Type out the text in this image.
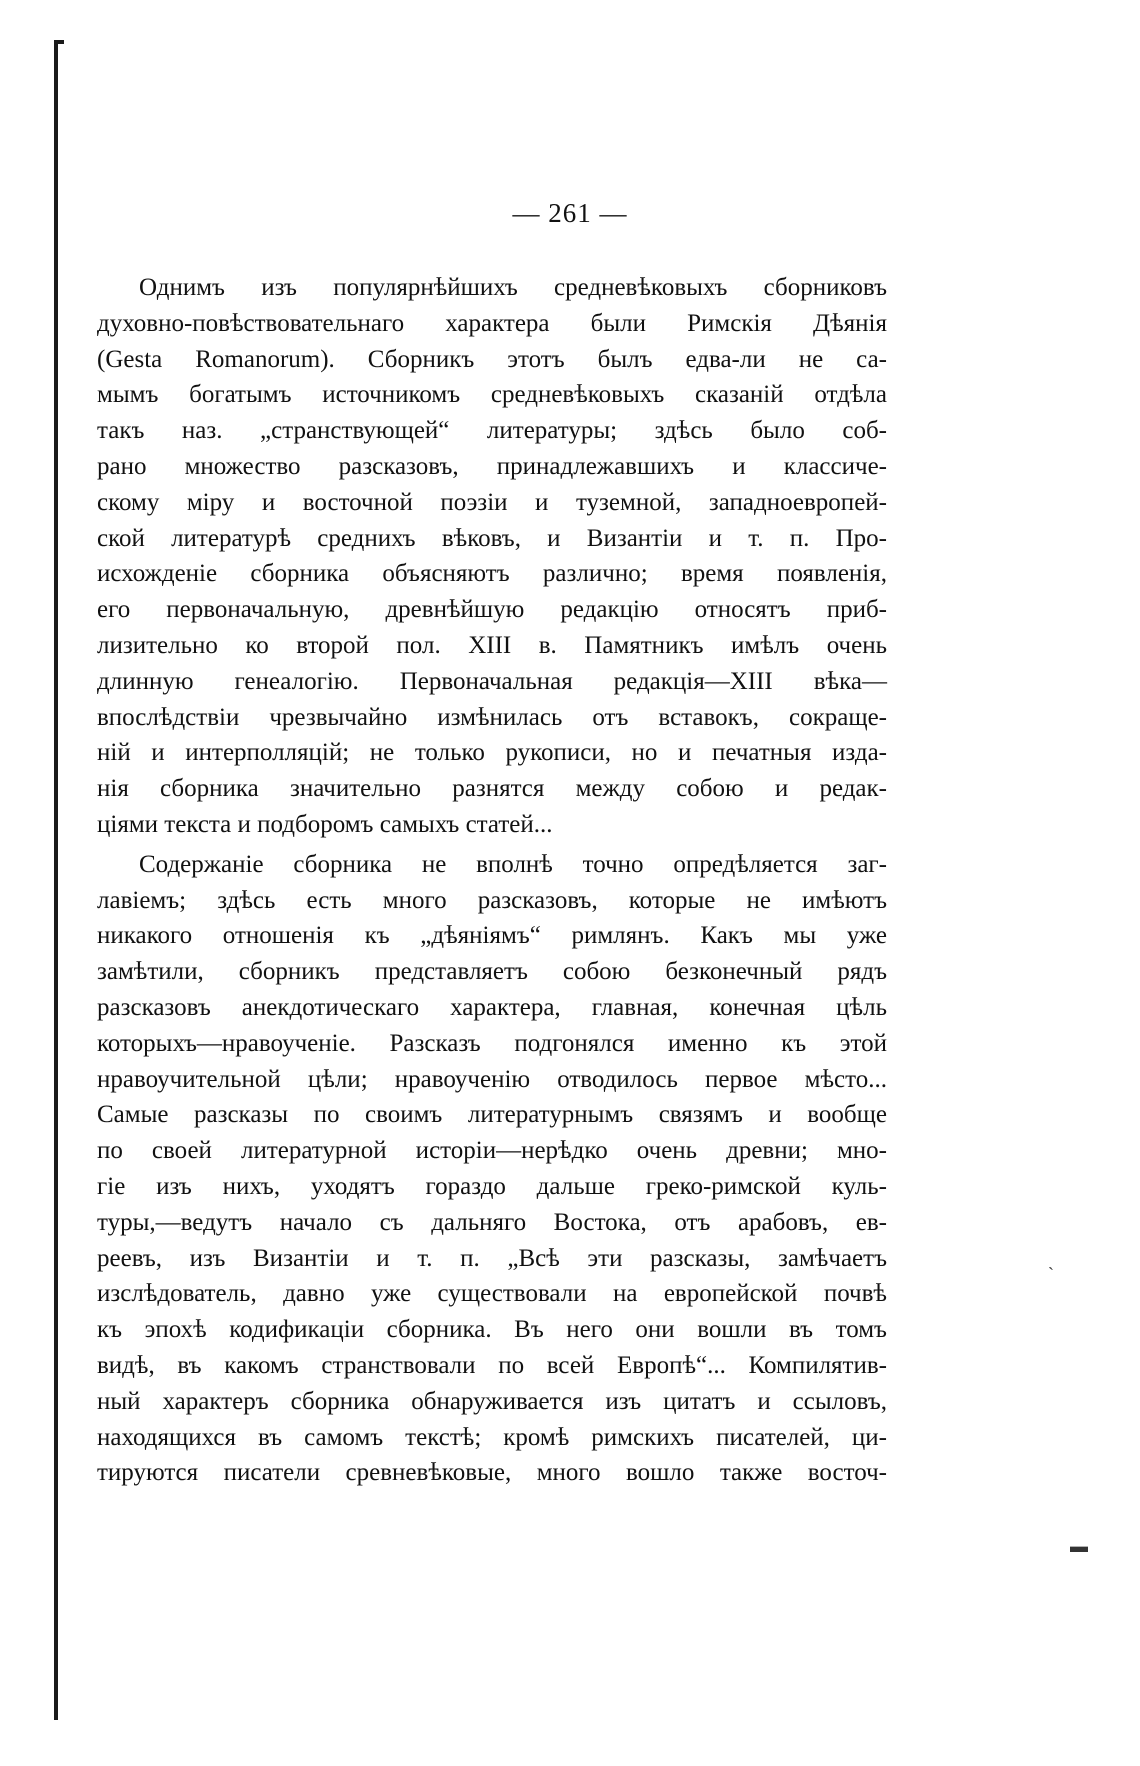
— 261 —
Однимъ изъ популярнѣйшихъ средневѣковыхъ сборниковъ
духовно-повѣствовательнаго характера были Римскія Дѣянія
(Gesta Romanorum). Сборникъ этотъ былъ едва-ли не са-
мымъ богатымъ источникомъ средневѣковыхъ сказаній отдѣла
такъ наз. „странствующей“ литературы; здѣсь было соб-
рано множество разсказовъ, принадлежавшихъ и классиче-
скому міру и восточной поэзіи и туземной, западноевропей-
ской литературѣ среднихъ вѣковъ, и Византіи и т. п. Про-
исхожденіе сборника объясняютъ различно; время появленія,
его первоначальную, древнѣйшую редакцію относятъ приб-
лизительно ко второй пол. XIII в. Памятникъ имѣлъ очень
длинную генеалогію. Первоначальная редакція—XIII вѣка—
впослѣдствіи чрезвычайно измѣнилась отъ вставокъ, сокраще-
ній и интерполляцій; не только рукописи, но и печатныя изда-
нія сборника значительно разнятся между собою и редак-
ціями текста и подборомъ самыхъ статей...
Содержаніе сборника не вполнѣ точно опредѣляется заг-
лавіемъ; здѣсь есть много разсказовъ, которые не имѣютъ
никакого отношенія къ „дѣяніямъ“ римлянъ. Какъ мы уже
замѣтили, сборникъ представляетъ собою безконечный рядъ
разсказовъ анекдотическаго характера, главная, конечная цѣль
которыхъ—нравоученіе. Разсказъ подгонялся именно къ этой
нравоучительной цѣли; нравоученію отводилось первое мѣсто...
Самые разсказы по своимъ литературнымъ связямъ и вообще
по своей литературной исторіи—нерѣдко очень древни; мно-
гіе изъ нихъ, уходятъ гораздо дальше греко-римской куль-
туры,—ведутъ начало съ дальняго Востока, отъ арабовъ, ев-
реевъ, изъ Византіи и т. п. „Всѣ эти разсказы, замѣчаетъ
изслѣдователь, давно уже существовали на европейской почвѣ
къ эпохѣ кодификаціи сборника. Въ него они вошли въ томъ
видѣ, въ какомъ странствовали по всей Европѣ“... Компилятив-
ный характеръ сборника обнаруживается изъ цитатъ и ссыловъ,
находящихся въ самомъ текстѣ; кромѣ римскихъ писателей, ци-
тируются писатели сревневѣковые, много вошло также восточ-
ˏ
▬
